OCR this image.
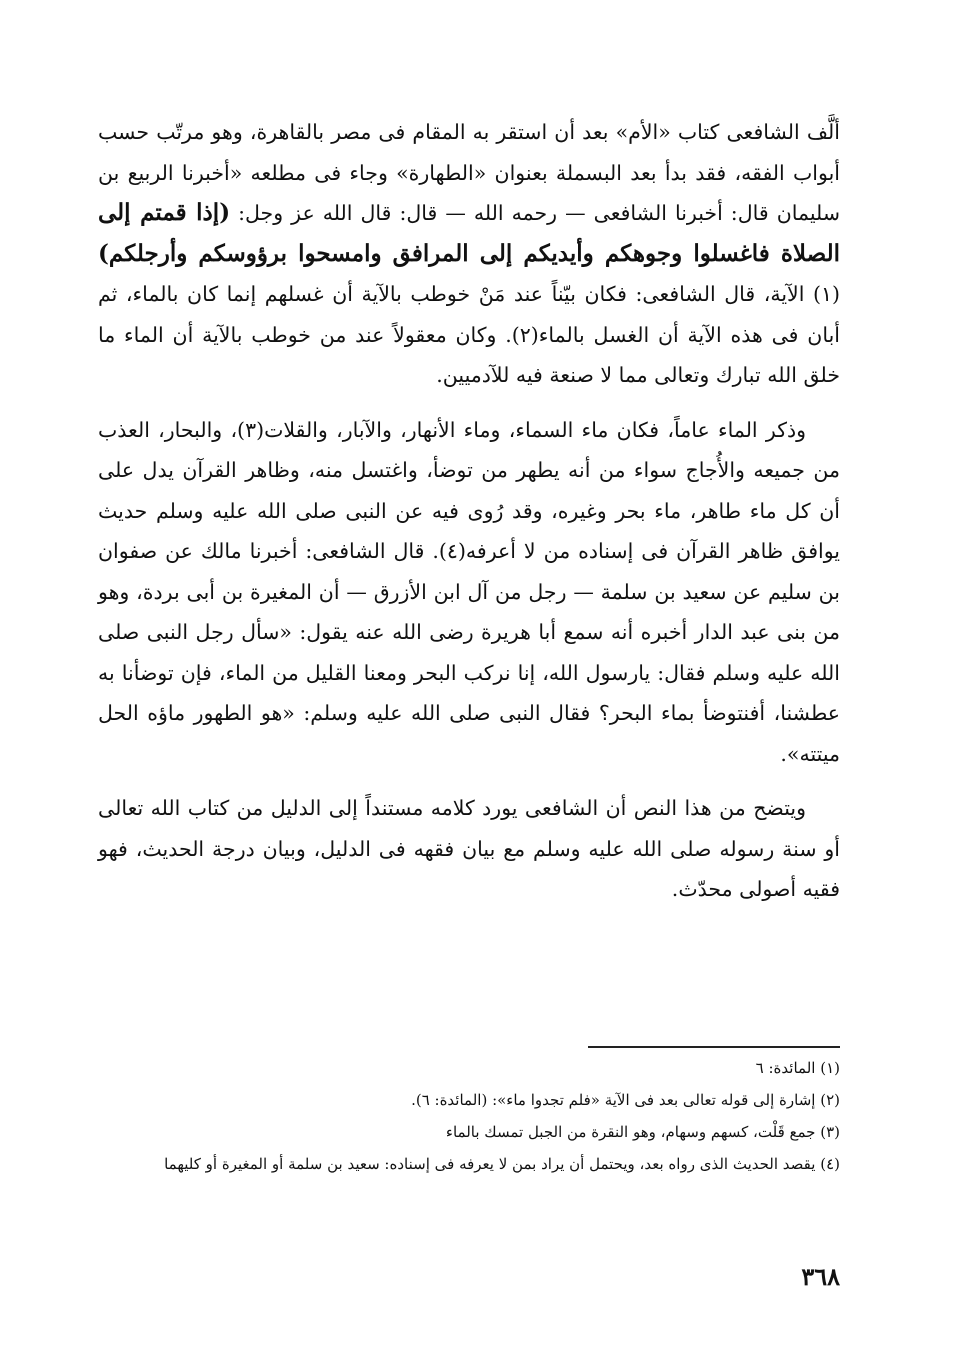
ألَّف الشافعى كتاب «الأم» بعد أن استقر به المقام فى مصر بالقاهرة، وهو مرتّب حسب أبواب الفقه، فقد بدأ بعد البسملة بعنوان «الطهارة» وجاء فى مطلعه «أخبرنا الربيع بن سليمان قال: أخبرنا الشافعى — رحمه الله — قال: قال الله عز وجل: (إذا قمتم إلى الصلاة فاغسلوا وجوهكم وأيديكم إلى المرافق وامسحوا برؤوسكم وأرجلكم)(١) الآية، قال الشافعى: فكان بيّناً عند مَنْ خوطب بالآية أن غسلهم إنما كان بالماء، ثم أبان فى هذه الآية أن الغسل بالماء(٢). وكان معقولاً عند من خوطب بالآية أن الماء ما خلق الله تبارك وتعالى مما لا صنعة فيه للآدميين.

وذكر الماء عاماً، فكان ماء السماء، وماء الأنهار، والآبار، والقلات(٣)، والبحار، العذب من جميعه والأُجاج سواء من أنه يطهر من توضأ، واغتسل منه، وظاهر القرآن يدل على أن كل ماء طاهر، ماء بحر وغيره، وقد رُوى فيه عن النبى صلى الله عليه وسلم حديث يوافق ظاهر القرآن فى إسناده من لا أعرفه(٤). قال الشافعى: أخبرنا مالك عن صفوان بن سليم عن سعيد بن سلمة — رجل من آل ابن الأزرق — أن المغيرة بن أبى بردة، وهو من بنى عبد الدار أخبره أنه سمع أبا هريرة رضى الله عنه يقول: «سأل رجل النبى صلى الله عليه وسلم فقال: يارسول الله، إنا نركب البحر ومعنا القليل من الماء، فإن توضأنا به عطشنا، أفنتوضأ بماء البحر؟ فقال النبى صلى الله عليه وسلم: «هو الطهور ماؤه الحل ميتته».

ويتضح من هذا النص أن الشافعى يورد كلامه مستنداً إلى الدليل من كتاب الله تعالى أو سنة رسوله صلى الله عليه وسلم مع بيان فقهه فى الدليل، وبيان درجة الحديث، فهو فقيه أصولى محدّث.

(١) المائدة: ٦

(٢) إشارة إلى قوله تعالى بعد فى الآية «فلم تجدوا ماء»: (المائدة: ٦).

(٣) جمع قَلْت، كسهم وسهام، وهو النقرة من الجبل تمسك بالماء

(٤) يقصد الحديث الذى رواه بعد، ويحتمل أن يراد بمن لا يعرفه فى إسناده: سعيد بن سلمة أو المغيرة أو كليهما

٣٦٨
